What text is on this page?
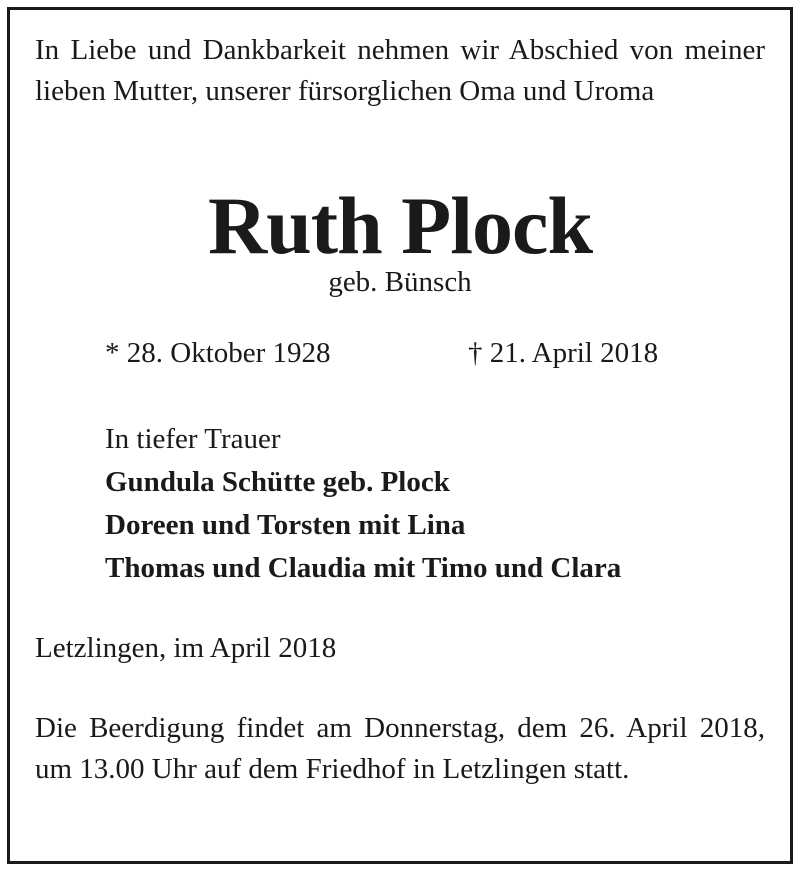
In Liebe und Dankbarkeit nehmen wir Abschied von meiner lieben Mutter, unserer fürsorglichen Oma und Uroma

Ruth Plock
geb. Bünsch
* 28. Oktober 1928	† 21. April 2018
In tiefer Trauer
Gundula Schütte geb. Plock
Doreen und Torsten mit Lina
Thomas und Claudia mit Timo und Clara
Letzlingen, im April 2018

Die Beerdigung findet am Donnerstag, dem 26. April 2018, um 13.00 Uhr auf dem Friedhof in Letzlingen statt.
